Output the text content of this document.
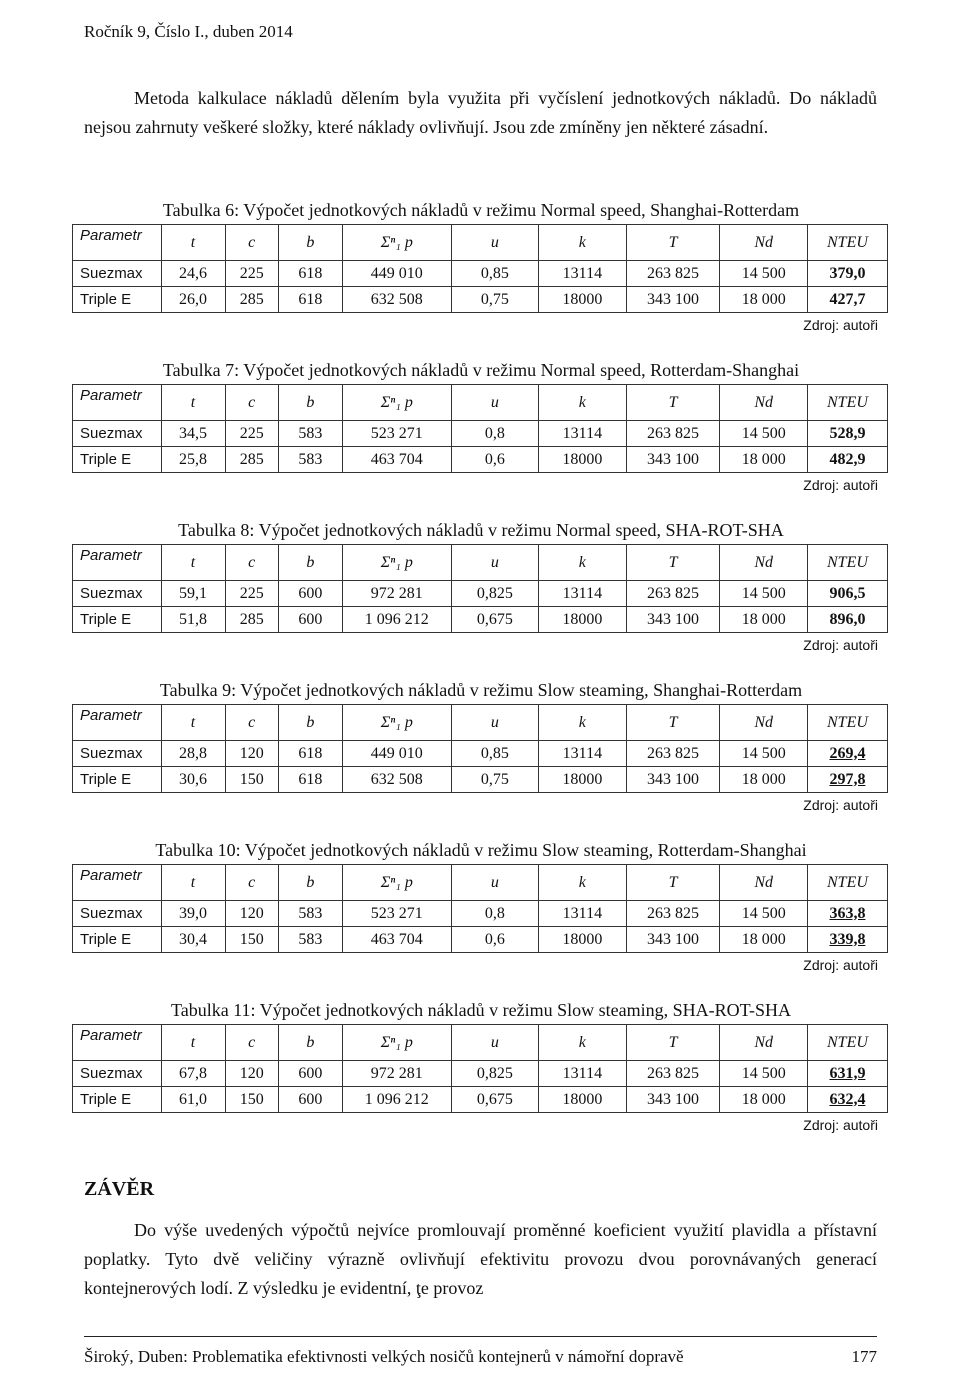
Ročník 9, Číslo I., duben 2014
Metoda kalkulace nákladů dělením byla využita při vyčíslení jednotkových nákladů. Do nákladů nejsou zahrnuty veškeré složky, které náklady ovlivňují. Jsou zde zmíněny jen některé zásadní.
Tabulka 6: Výpočet jednotkových nákladů v režimu Normal speed, Shanghai-Rotterdam
Parametr	t	c	b	Σⁿ₁ p	u	k	T	Nd	NTEU
Suezmax	24,6	225	618	449 010	0,85	13114	263 825	14 500	379,0
Triple E	26,0	285	618	632 508	0,75	18000	343 100	18 000	427,7
Zdroj: autoři
Tabulka 7: Výpočet jednotkových nákladů v režimu Normal speed, Rotterdam-Shanghai
Parametr	t	c	b	Σⁿ₁ p	u	k	T	Nd	NTEU
Suezmax	34,5	225	583	523 271	0,8	13114	263 825	14 500	528,9
Triple E	25,8	285	583	463 704	0,6	18000	343 100	18 000	482,9
Zdroj: autoři
Tabulka 8: Výpočet jednotkových nákladů v režimu Normal speed, SHA-ROT-SHA
Parametr	t	c	b	Σⁿ₁ p	u	k	T	Nd	NTEU
Suezmax	59,1	225	600	972 281	0,825	13114	263 825	14 500	906,5
Triple E	51,8	285	600	1 096 212	0,675	18000	343 100	18 000	896,0
Zdroj: autoři
Tabulka 9: Výpočet jednotkových nákladů v režimu Slow steaming, Shanghai-Rotterdam
Parametr	t	c	b	Σⁿ₁ p	u	k	T	Nd	NTEU
Suezmax	28,8	120	618	449 010	0,85	13114	263 825	14 500	269,4
Triple E	30,6	150	618	632 508	0,75	18000	343 100	18 000	297,8
Zdroj: autoři
Tabulka 10: Výpočet jednotkových nákladů v režimu Slow steaming, Rotterdam-Shanghai
Parametr	t	c	b	Σⁿ₁ p	u	k	T	Nd	NTEU
Suezmax	39,0	120	583	523 271	0,8	13114	263 825	14 500	363,8
Triple E	30,4	150	583	463 704	0,6	18000	343 100	18 000	339,8
Zdroj: autoři
Tabulka 11: Výpočet jednotkových nákladů v režimu Slow steaming, SHA-ROT-SHA
Parametr	t	c	b	Σⁿ₁ p	u	k	T	Nd	NTEU
Suezmax	67,8	120	600	972 281	0,825	13114	263 825	14 500	631,9
Triple E	61,0	150	600	1 096 212	0,675	18000	343 100	18 000	632,4
Zdroj: autoři
ZÁVĚR
Do výše uvedených výpočtů nejvíce promlouvají proměnné koeficient využití plavidla a přístavní poplatky. Tyto dvě veličiny výrazně ovlivňují efektivitu provozu dvou porovnávaných generací kontejnerových lodí. Z výsledku je evidentní, ţe provoz
Široký, Duben: Problematika efektivnosti velkých nosičů kontejnerů v námořní dopravě	177
